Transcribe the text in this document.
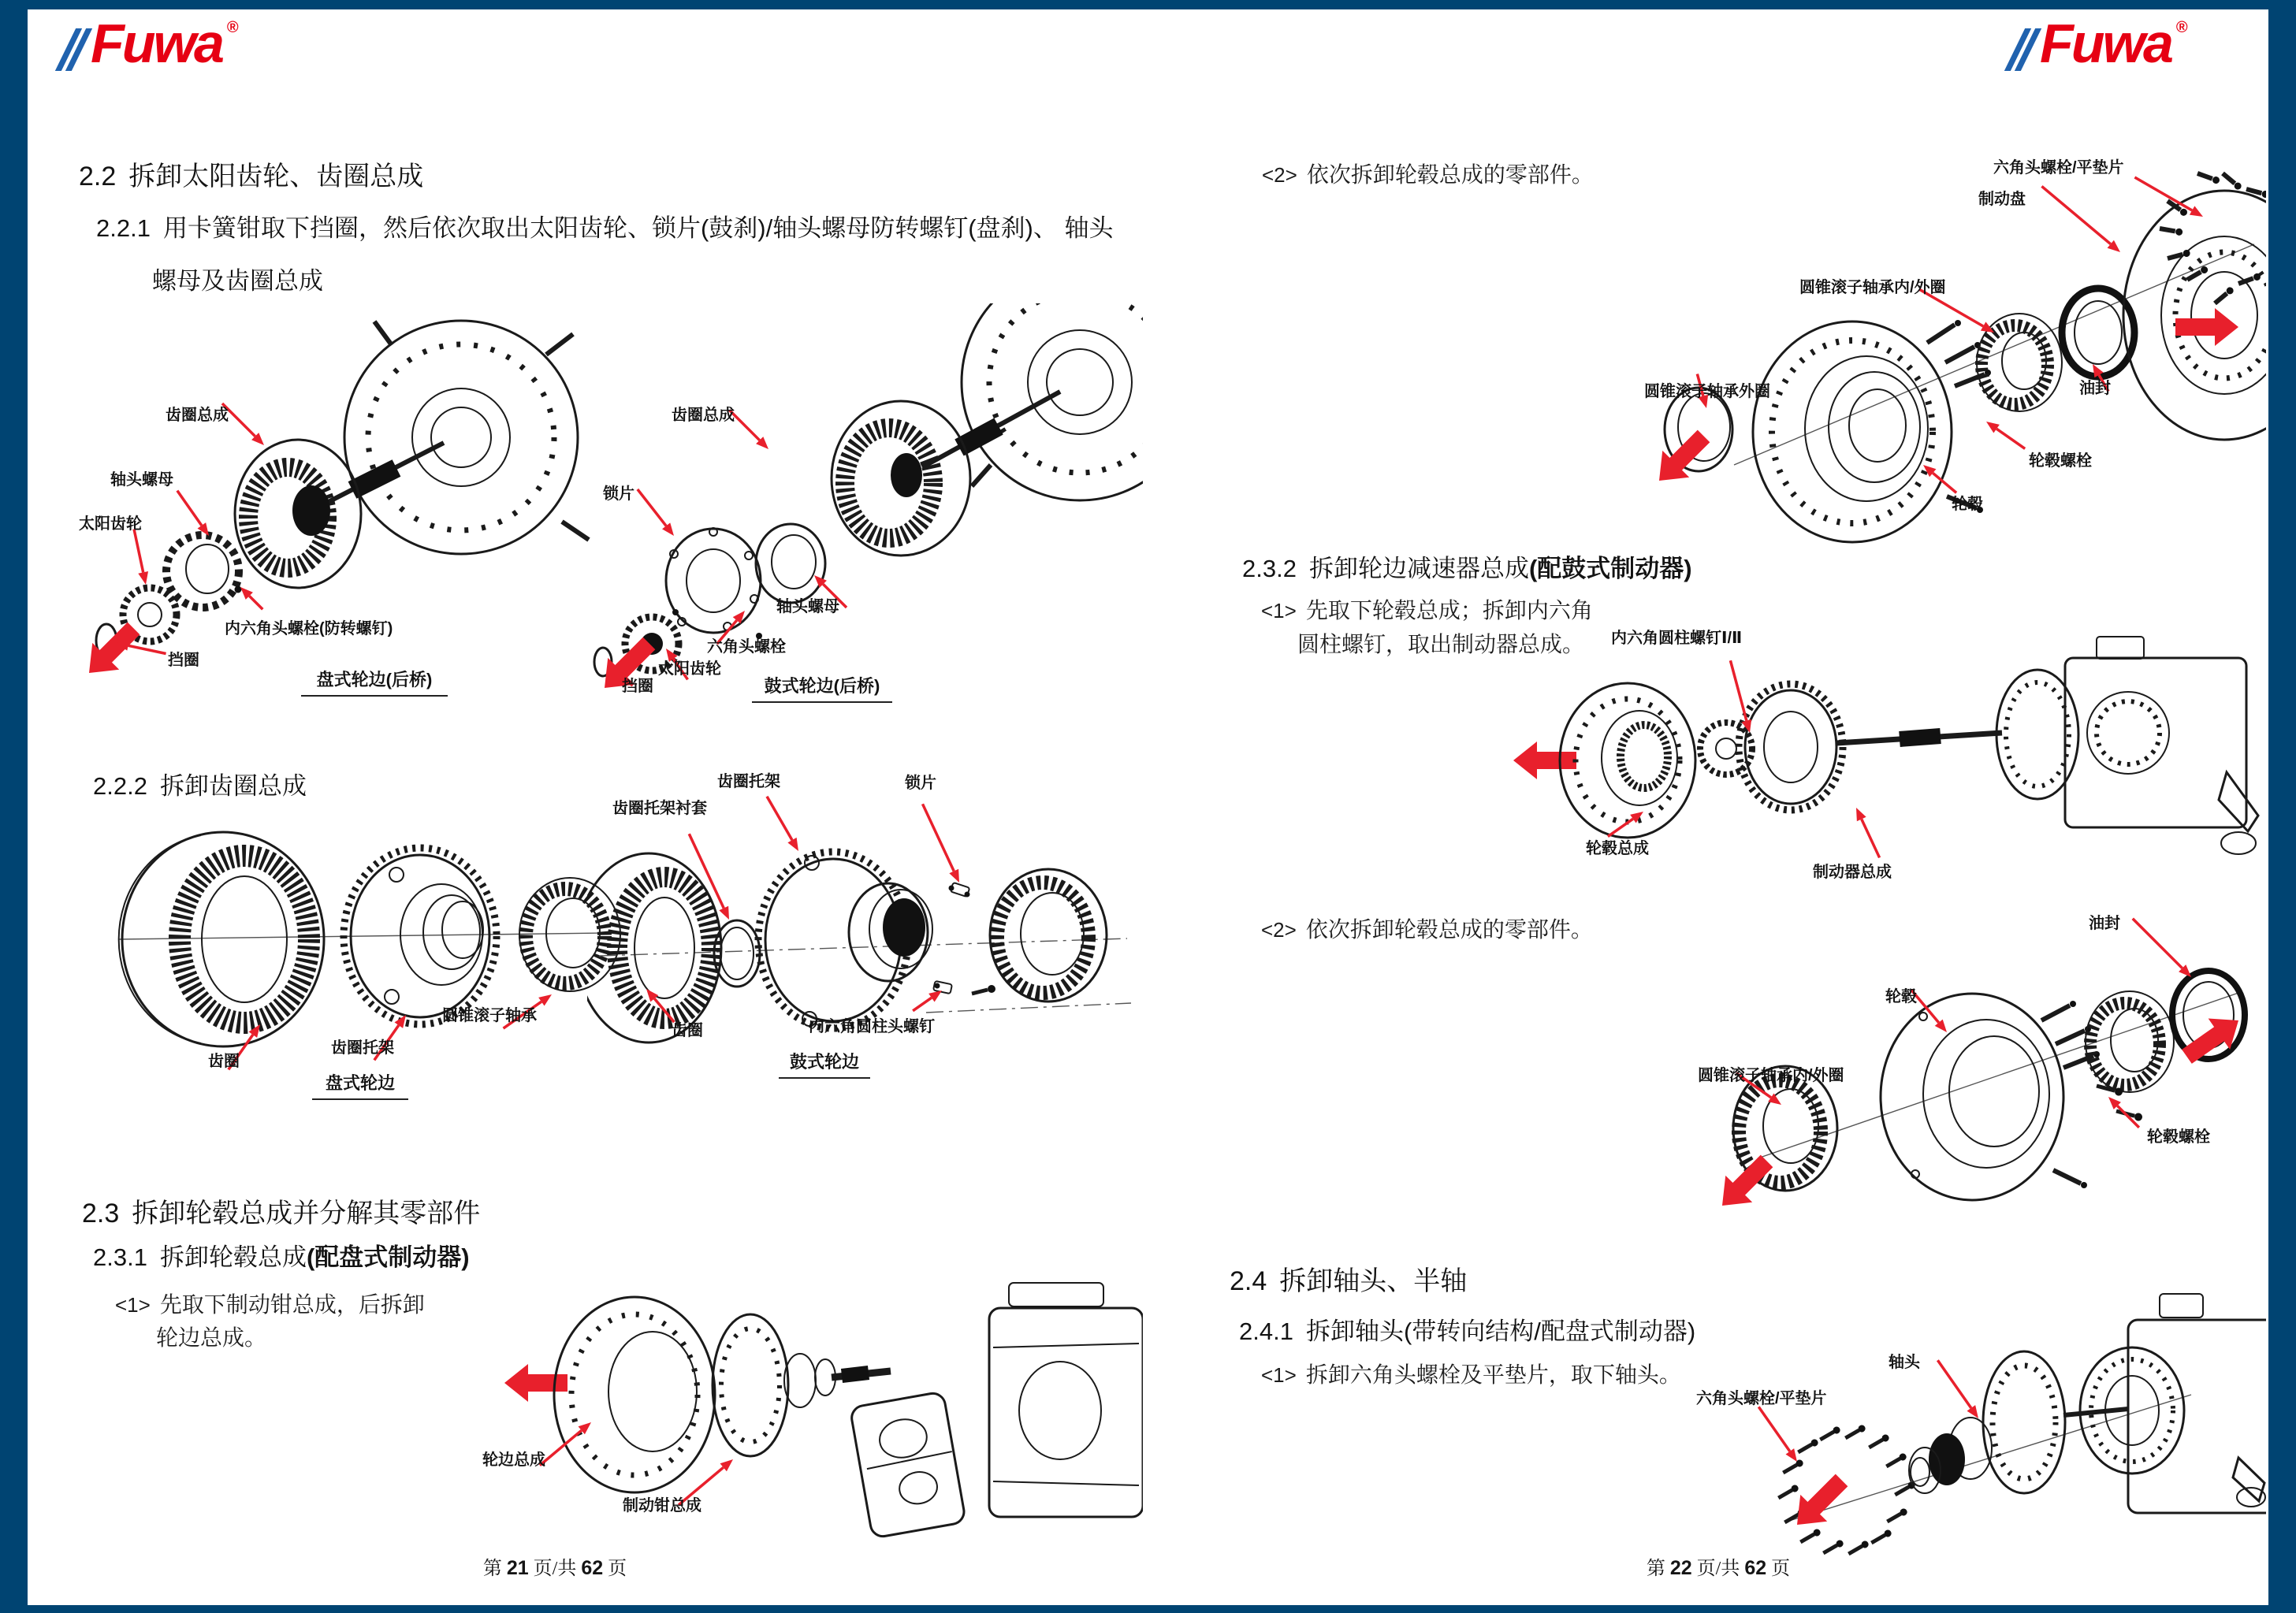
Fuwa ®	Fuwa ®
2.2 拆卸太阳齿轮、齿圈总成
2.2.1 用卡簧钳取下挡圈，然后依次取出太阳齿轮、锁片(鼓刹)/轴头螺母防转螺钉(盘刹)、 轴头
螺母及齿圈总成
齿圈总成
轴头螺母
太阳齿轮
内六角头螺栓(防转螺钉)
挡圈
盘式轮边(后桥)
齿圈总成
锁片
轴头螺母
六角头螺栓
太阳齿轮
挡圈	鼓式轮边(后桥)
2.2.2 拆卸齿圈总成
齿圈
齿圈托架
圆锥滚子轴承
盘式轮边
齿圈托架
齿圈托架衬套
锁片
齿圈	内六角圆柱头螺钉
鼓式轮边
2.3 拆卸轮毂总成并分解其零部件
2.3.1 拆卸轮毂总成(配盘式制动器)
<1> 先取下制动钳总成，后拆卸
轮边总成。
轮边总成
制动钳总成
第 21 页/共 62 页
<2> 依次拆卸轮毂总成的零部件。	六角头螺栓/平垫片
制动盘
圆锥滚子轴承内/外圈
圆锥滚子轴承外圈	油封
轮毂螺栓
轮毂
2.3.2 拆卸轮边减速器总成(配鼓式制动器)
<1> 先取下轮毂总成；拆卸内六角
圆柱螺钉，取出制动器总成。 内六角圆柱螺钉Ⅰ/Ⅱ
轮毂总成
制动器总成
<2> 依次拆卸轮毂总成的零部件。	油封
轮毂
圆锥滚子轴承内/外圈
轮毂螺栓
2.4 拆卸轴头、半轴
2.4.1 拆卸轴头(带转向结构/配盘式制动器)
<1> 拆卸六角头螺栓及平垫片，取下轴头。
轴头
六角头螺栓/平垫片
第 22 页/共 62 页
